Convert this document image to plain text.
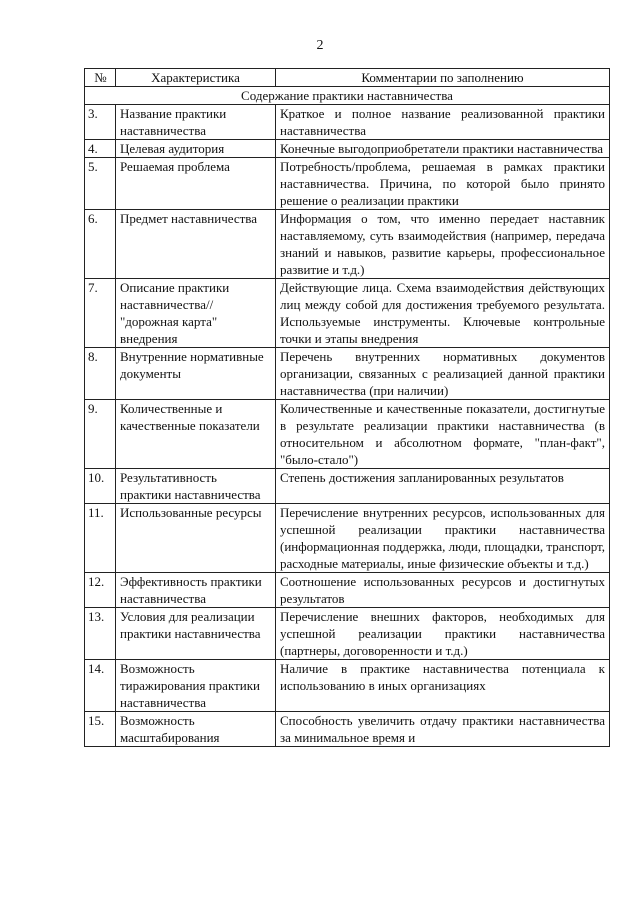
2
№	Характеристика	Комментарии по заполнению
Содержание практики наставничества		
3.	Название практики наставничества	Краткое и полное название реализованной практики наставничества
4.	Целевая аудитория	Конечные выгодоприобретатели практики наставничества
5.	Решаемая проблема	Потребность/проблема, решаемая в рамках практики наставничества. Причина, по которой было принято решение о реализации практики
6.	Предмет наставничества	Информация о том, что именно передает наставник наставляемому, суть взаимодействия (например, передача знаний и навыков, развитие карьеры, профессиональное развитие и т.д.)
7.	Описание практики наставничества// "дорожная карта" внедрения	Действующие лица. Схема взаимодействия действующих лиц между собой для достижения требуемого результата. Используемые инструменты. Ключевые контрольные точки и этапы внедрения
8.	Внутренние нормативные документы	Перечень внутренних нормативных документов организации, связанных с реализацией данной практики наставничества (при наличии)
9.	Количественные и качественные показатели	Количественные и качественные показатели, достигнутые в результате реализации практики наставничества (в относительном и абсолютном формате, "план-факт", "было-стало")
10.	Результативность практики наставничества	Степень достижения запланированных результатов
11.	Использованные ресурсы	Перечисление внутренних ресурсов, использованных для успешной реализации практики наставничества (информационная поддержка, люди, площадки, транспорт, расходные материалы, иные физические объекты и т.д.)
12.	Эффективность практики наставничества	Соотношение использованных ресурсов и достигнутых результатов
13.	Условия для реализации практики наставничества	Перечисление внешних факторов, необходимых для успешной реализации практики наставничества (партнеры, договоренности и т.д.)
14.	Возможность тиражирования практики наставничества	Наличие в практике наставничества потенциала к использованию в иных организациях
15.	Возможность масштабирования	Способность увеличить отдачу практики наставничества за минимальное время и
